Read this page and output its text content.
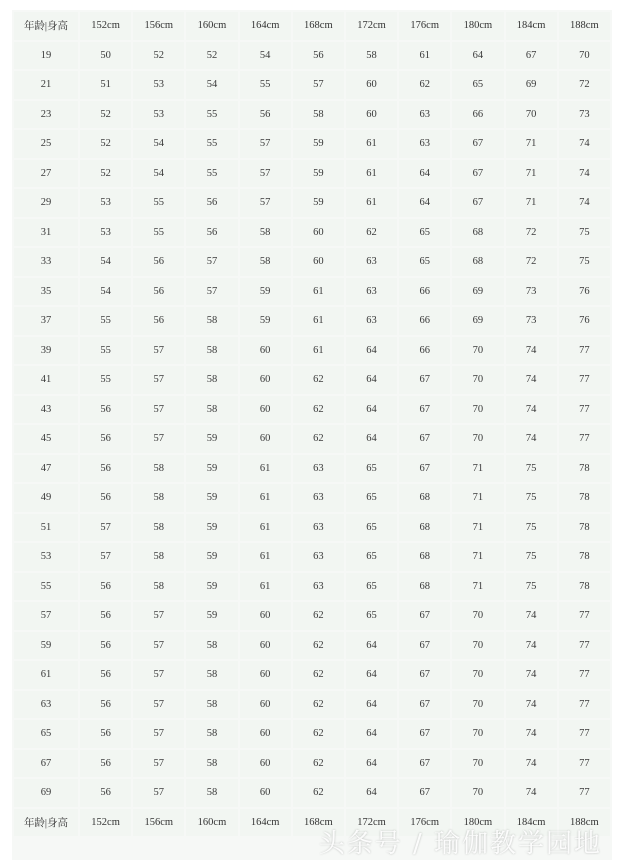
年龄|身高	152cm	156cm	160cm	164cm	168cm	172cm	176cm	180cm	184cm	188cm
19	50	52	52	54	56	58	61	64	67	70
21	51	53	54	55	57	60	62	65	69	72
23	52	53	55	56	58	60	63	66	70	73
25	52	54	55	57	59	61	63	67	71	74
27	52	54	55	57	59	61	64	67	71	74
29	53	55	56	57	59	61	64	67	71	74
31	53	55	56	58	60	62	65	68	72	75
33	54	56	57	58	60	63	65	68	72	75
35	54	56	57	59	61	63	66	69	73	76
37	55	56	58	59	61	63	66	69	73	76
39	55	57	58	60	61	64	66	70	74	77
41	55	57	58	60	62	64	67	70	74	77
43	56	57	58	60	62	64	67	70	74	77
45	56	57	59	60	62	64	67	70	74	77
47	56	58	59	61	63	65	67	71	75	78
49	56	58	59	61	63	65	68	71	75	78
51	57	58	59	61	63	65	68	71	75	78
53	57	58	59	61	63	65	68	71	75	78
55	56	58	59	61	63	65	68	71	75	78
57	56	57	59	60	62	65	67	70	74	77
59	56	57	58	60	62	64	67	70	74	77
61	56	57	58	60	62	64	67	70	74	77
63	56	57	58	60	62	64	67	70	74	77
65	56	57	58	60	62	64	67	70	74	77
67	56	57	58	60	62	64	67	70	74	77
69	56	57	58	60	62	64	67	70	74	77
年龄|身高	152cm	156cm	160cm	164cm	168cm	172cm	176cm	180cm	184cm	188cm
头条号 / 瑜伽教学园地
